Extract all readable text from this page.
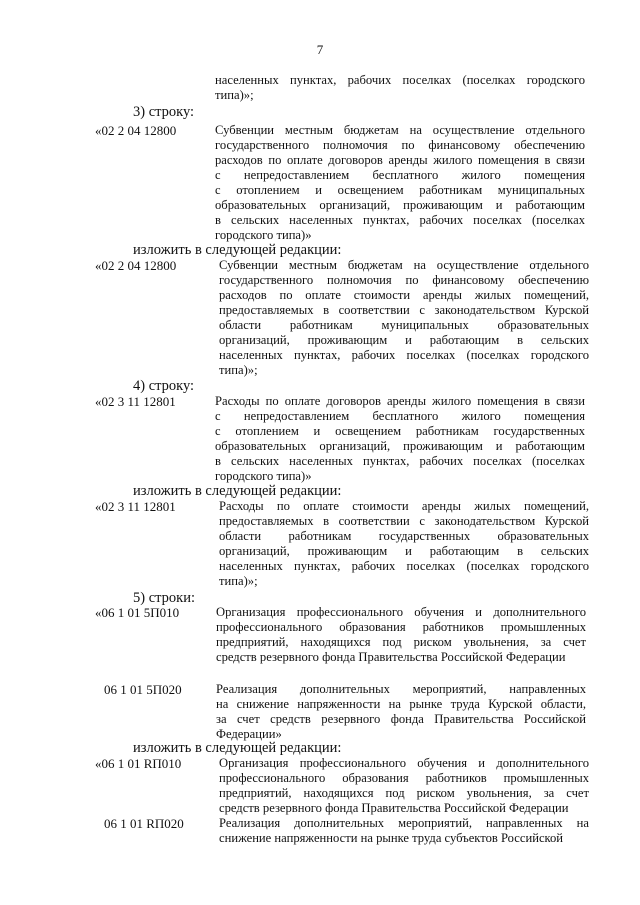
7
населенных пунктах, рабочих поселках (поселках городского
типа)»;
3) строку:
«02 2 04 12800	Субвенции местным бюджетам на осуществление отдельного
государственного полномочия по финансовому обеспечению
расходов по оплате договоров аренды жилого помещения в связи
с непредоставлением бесплатного жилого помещения
с отоплением и освещением работникам муниципальных
образовательных организаций, проживающим и работающим
в сельских населенных пунктах, рабочих поселках (поселках
городского типа)»
изложить в следующей редакции:
«02 2 04 12800	Субвенции местным бюджетам на осуществление отдельного
государственного полномочия по финансовому обеспечению
расходов по оплате стоимости аренды жилых помещений,
предоставляемых в соответствии с законодательством Курской
области работникам муниципальных образовательных
организаций, проживающим и работающим в сельских
населенных пунктах, рабочих поселках (поселках городского
типа)»;
4) строку:
«02 3 11 12801	Расходы по оплате договоров аренды жилого помещения в связи
с непредоставлением бесплатного жилого помещения
с отоплением и освещением работникам государственных
образовательных организаций, проживающим и работающим
в сельских населенных пунктах, рабочих поселках (поселках
городского типа)»
изложить в следующей редакции:
«02 3 11 12801	Расходы по оплате стоимости аренды жилых помещений,
предоставляемых в соответствии с законодательством Курской
области работникам государственных образовательных
организаций, проживающим и работающим в сельских
населенных пунктах, рабочих поселках (поселках городского
типа)»;
5) строки:
«06 1 01 5П010	Организация профессионального обучения и дополнительного
профессионального образования работников промышленных
предприятий, находящихся под риском увольнения, за счет
средств резервного фонда Правительства Российской Федерации
06 1 01 5П020	Реализация дополнительных мероприятий, направленных
на снижение напряженности на рынке труда Курской области,
за счет средств резервного фонда Правительства Российской
Федерации»
изложить в следующей редакции:
«06 1 01 RП010	Организация профессионального обучения и дополнительного
профессионального образования работников промышленных
предприятий, находящихся под риском увольнения, за счет
средств резервного фонда Правительства Российской Федерации
06 1 01 RП020	Реализация дополнительных мероприятий, направленных на
снижение напряженности на рынке труда субъектов Российской
